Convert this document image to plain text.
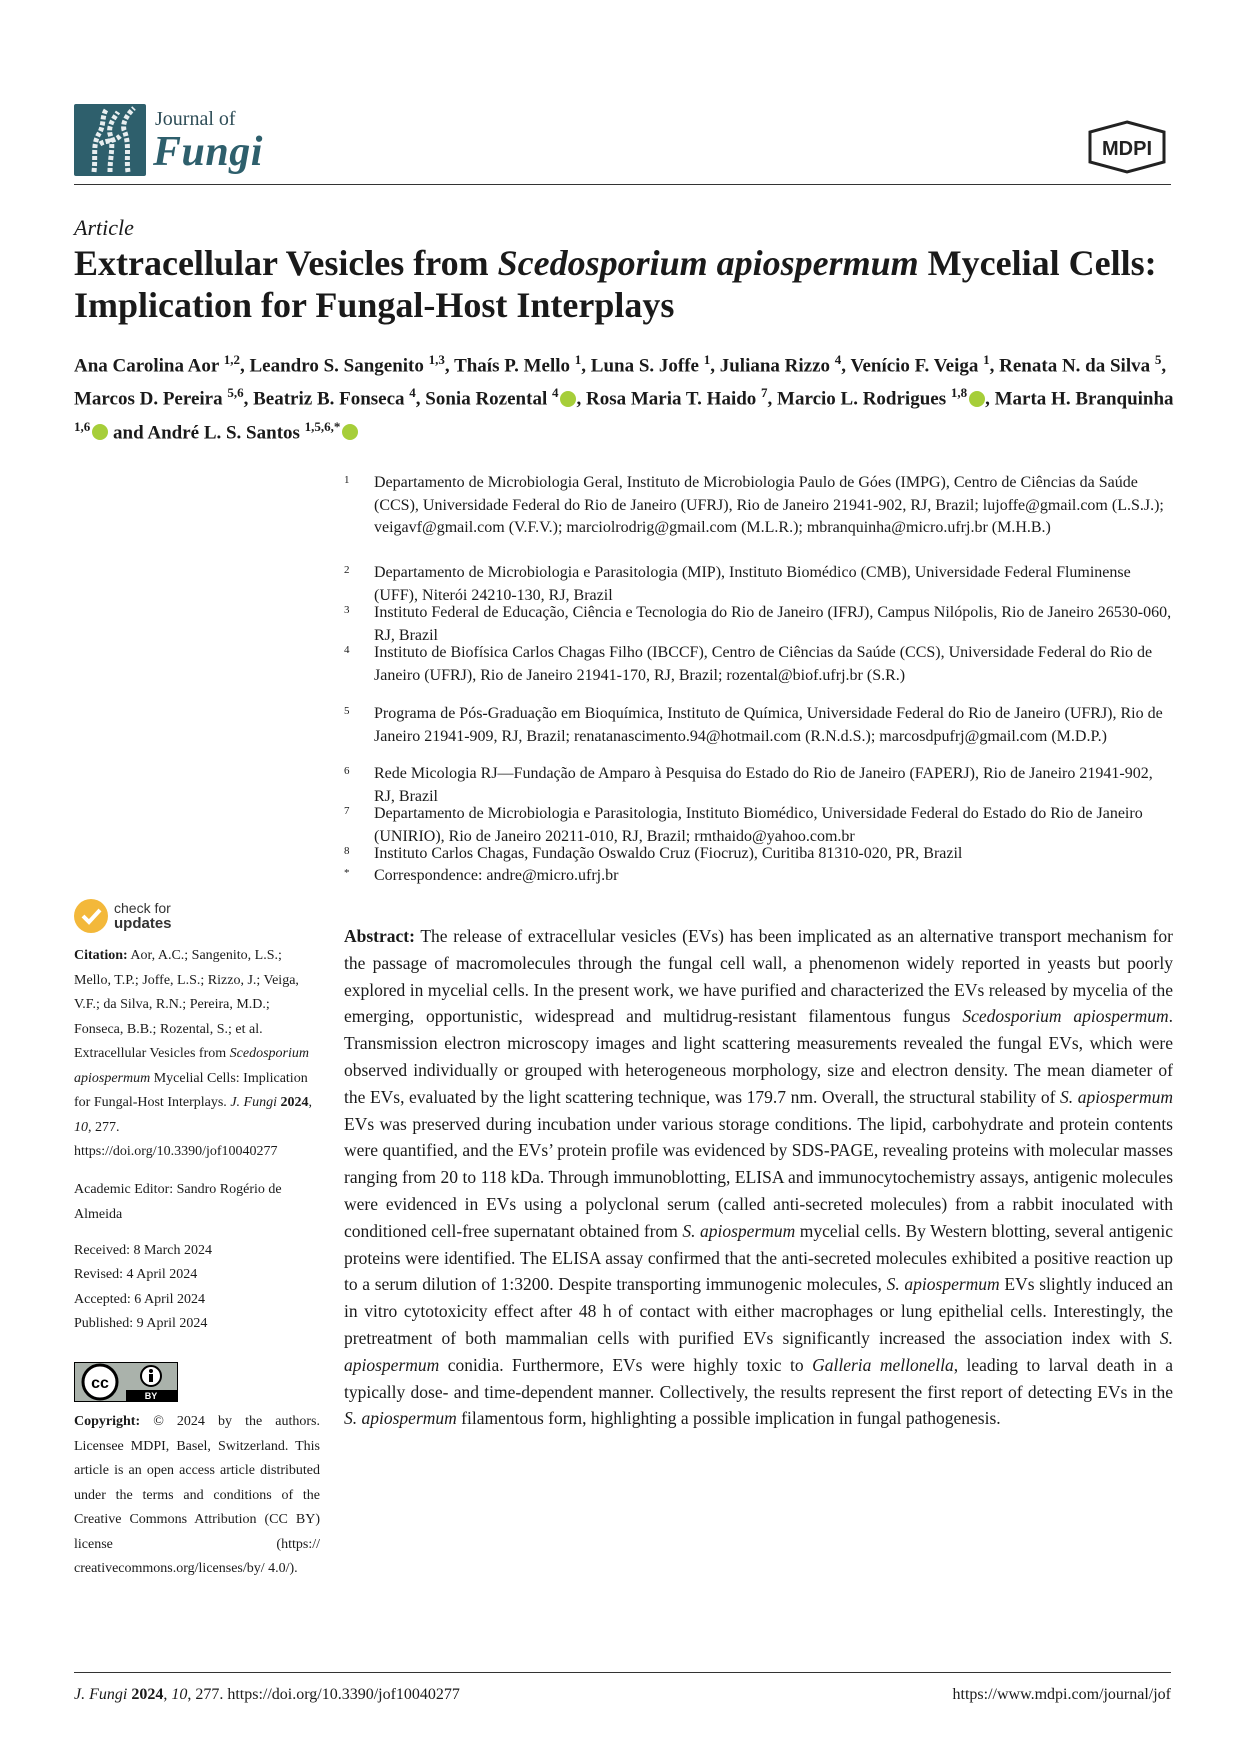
Journal of
Fungi	MDPI
Article
Extracellular Vesicles from Scedosporium apiospermum Mycelial Cells: Implication for Fungal-Host Interplays
Ana Carolina Aor $^{1,2}$, Leandro S. Sangenito $^{1,3}$, Thaís P. Mello $^1$, Luna S. Joffe $^1$, Juliana Rizzo $^4$, Venício F. Veiga $^1$, Renata N. da Silva $^5$, Marcos D. Pereira $^{5,6}$, Beatriz B. Fonseca $^4$, Sonia Rozental $^4$ , Rosa Maria T. Haido $^7$, Marcio L. Rodrigues $^{1,8}$ , Marta H. Branquinha $^{1,6}$ and André L. S. Santos $^{1,5,6,*}$
1 Departamento de Microbiologia Geral, Instituto de Microbiologia Paulo de Góes (IMPG), Centro de Ciências da Saúde (CCS), Universidade Federal do Rio de Janeiro (UFRJ), Rio de Janeiro 21941-902, RJ, Brazil; lujoffe@gmail.com (L.S.J.); veigavf@gmail.com (V.F.V.); marciolrodrig@gmail.com (M.L.R.); mbranquinha@micro.ufrj.br (M.H.B.)
2 Departamento de Microbiologia e Parasitologia (MIP), Instituto Biomédico (CMB), Universidade Federal Fluminense (UFF), Niterói 24210-130, RJ, Brazil
3 Instituto Federal de Educação, Ciência e Tecnologia do Rio de Janeiro (IFRJ), Campus Nilópolis, Rio de Janeiro 26530-060, RJ, Brazil
4 Instituto de Biofísica Carlos Chagas Filho (IBCCF), Centro de Ciências da Saúde (CCS), Universidade Federal do Rio de Janeiro (UFRJ), Rio de Janeiro 21941-170, RJ, Brazil; rozental@biof.ufrj.br (S.R.)
5 Programa de Pós-Graduação em Bioquímica, Instituto de Química, Universidade Federal do Rio de Janeiro (UFRJ), Rio de Janeiro 21941-909, RJ, Brazil; renatanascimento.94@hotmail.com (R.N.d.S.); marcosdpufrj@gmail.com (M.D.P.)
6 Rede Micologia RJ—Fundação de Amparo à Pesquisa do Estado do Rio de Janeiro (FAPERJ), Rio de Janeiro 21941-902, RJ, Brazil
7 Departamento de Microbiologia e Parasitologia, Instituto Biomédico, Universidade Federal do Estado do Rio de Janeiro (UNIRIO), Rio de Janeiro 20211-010, RJ, Brazil; rmthaido@yahoo.com.br
8 Instituto Carlos Chagas, Fundação Oswaldo Cruz (Fiocruz), Curitiba 81310-020, PR, Brazil
* Correspondence: andre@micro.ufrj.br
check for
updates
Citation: Aor, A.C.; Sangenito, L.S.; Mello, T.P.; Joffe, L.S.; Rizzo, J.; Veiga, V.F.; da Silva, R.N.; Pereira, M.D.; Fonseca, B.B.; Rozental, S.; et al. Extracellular Vesicles from Scedosporium apiospermum Mycelial Cells: Implication for Fungal-Host Interplays. J. Fungi 2024, 10, 277. https://doi.org/10.3390/jof10040277
Academic Editor: Sandro Rogério de Almeida
Received: 8 March 2024
Revised: 4 April 2024
Accepted: 6 April 2024
Published: 9 April 2024
cc
BY
Copyright: © 2024 by the authors. Licensee MDPI, Basel, Switzerland. This article is an open access article distributed under the terms and conditions of the Creative Commons Attribution (CC BY) license (https:// creativecommons.org/licenses/by/ 4.0/).
Abstract: The release of extracellular vesicles (EVs) has been implicated as an alternative transport mechanism for the passage of macromolecules through the fungal cell wall, a phenomenon widely reported in yeasts but poorly explored in mycelial cells. In the present work, we have purified and characterized the EVs released by mycelia of the emerging, opportunistic, widespread and multidrug-resistant filamentous fungus Scedosporium apiospermum. Transmission electron microscopy images and light scattering measurements revealed the fungal EVs, which were observed individually or grouped with heterogeneous morphology, size and electron density. The mean diameter of the EVs, evaluated by the light scattering technique, was 179.7 nm. Overall, the structural stability of S. apiospermum EVs was preserved during incubation under various storage conditions. The lipid, carbohydrate and protein contents were quantified, and the EVs’ protein profile was evidenced by SDS-PAGE, revealing proteins with molecular masses ranging from 20 to 118 kDa. Through immunoblotting, ELISA and immunocytochemistry assays, antigenic molecules were evidenced in EVs using a polyclonal serum (called anti-secreted molecules) from a rabbit inoculated with conditioned cell-free supernatant obtained from S. apiospermum mycelial cells. By Western blotting, several antigenic proteins were identified. The ELISA assay confirmed that the anti-secreted molecules exhibited a positive reaction up to a serum dilution of 1:3200. Despite transporting immunogenic molecules, S. apiospermum EVs slightly induced an in vitro cytotoxicity effect after 48 h of contact with either macrophages or lung epithelial cells. Interestingly, the pretreatment of both mammalian cells with purified EVs significantly increased the association index with S. apiospermum conidia. Furthermore, EVs were highly toxic to Galleria mellonella, leading to larval death in a typically dose- and time-dependent manner. Collectively, the results represent the first report of detecting EVs in the S. apiospermum filamentous form, highlighting a possible implication in fungal pathogenesis.
J. Fungi 2024, 10, 277. https://doi.org/10.3390/jof10040277	https://www.mdpi.com/journal/jof
